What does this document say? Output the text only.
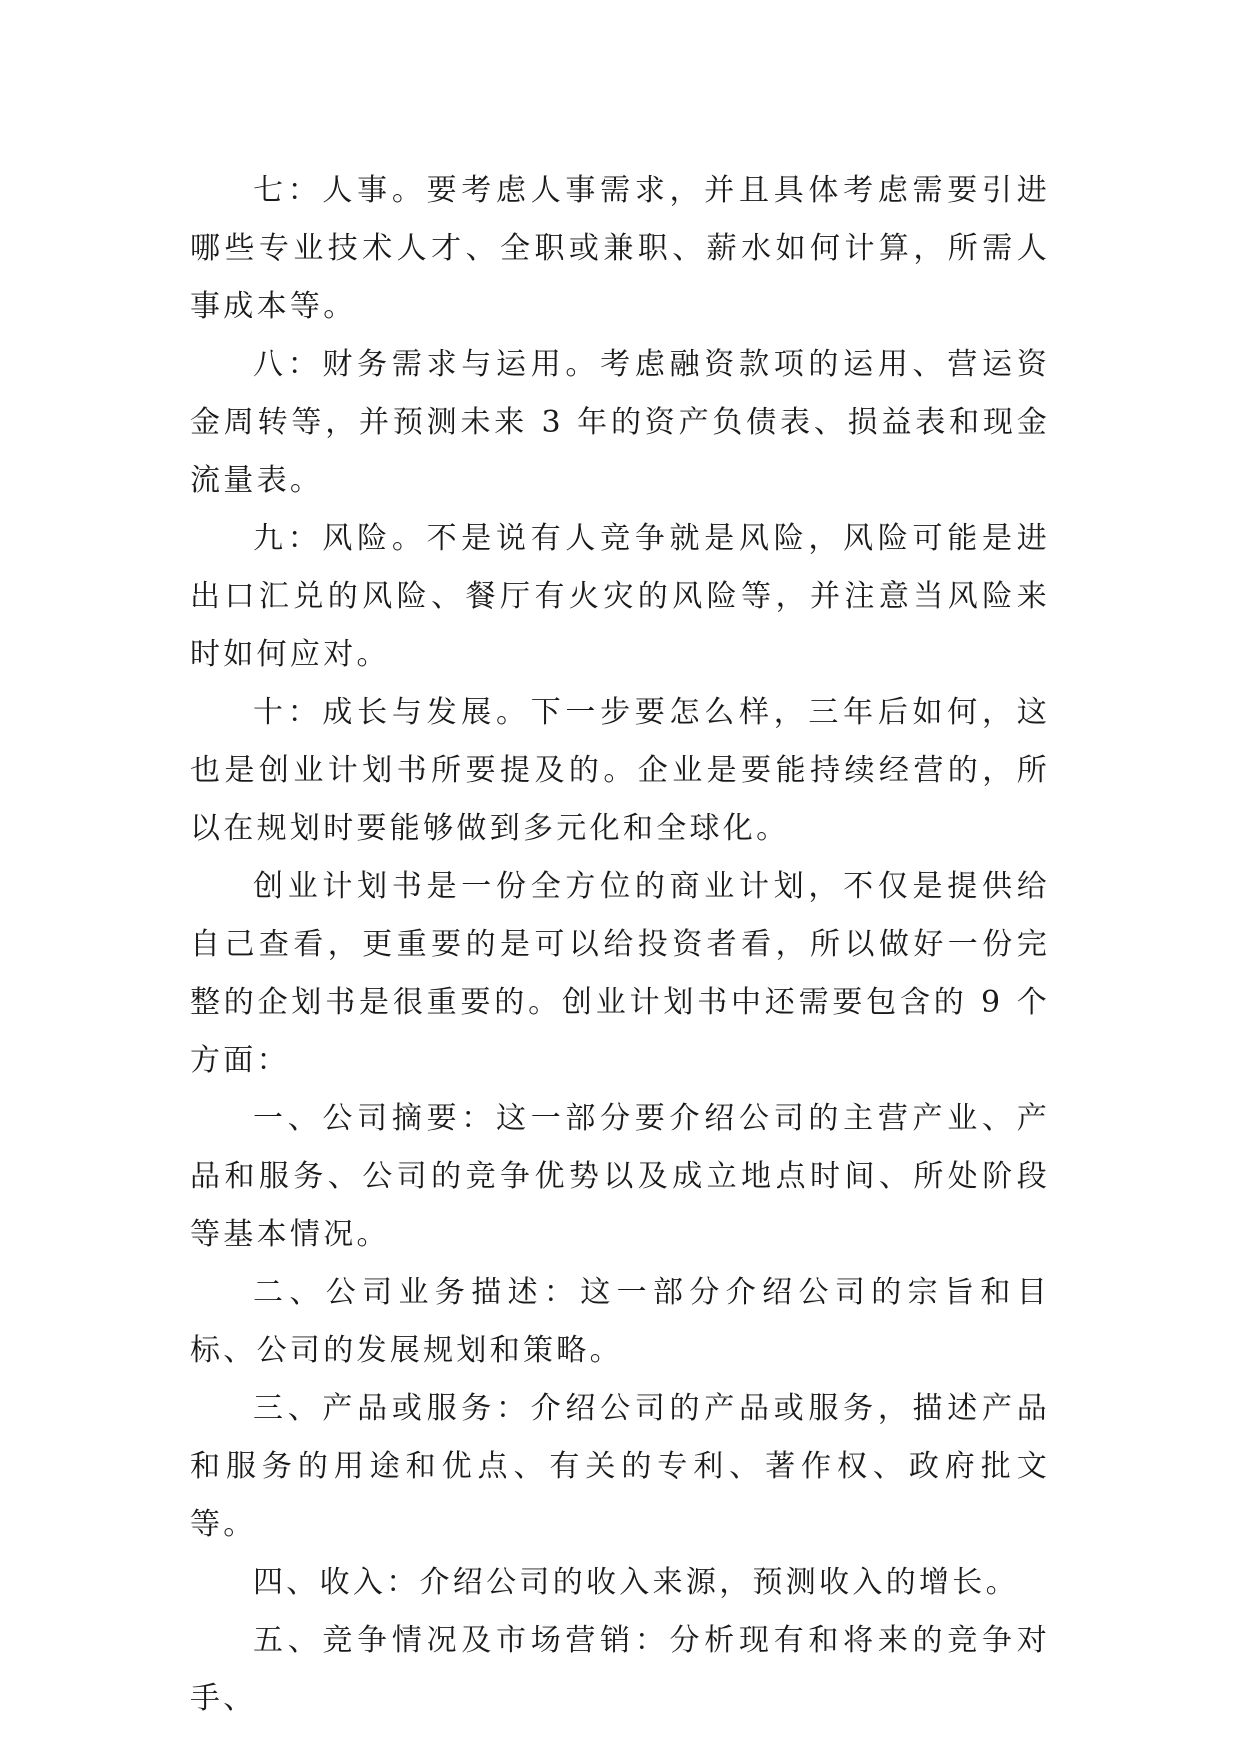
七：人事。要考虑人事需求，并且具体考虑需要引进哪些专业技术人才、全职或兼职、薪水如何计算，所需人事成本等。

八：财务需求与运用。考虑融资款项的运用、营运资金周转等，并预测未来 3 年的资产负债表、损益表和现金流量表。

九：风险。不是说有人竞争就是风险，风险可能是进出口汇兑的风险、餐厅有火灾的风险等，并注意当风险来时如何应对。

十：成长与发展。下一步要怎么样，三年后如何，这也是创业计划书所要提及的。企业是要能持续经营的，所以在规划时要能够做到多元化和全球化。

创业计划书是一份全方位的商业计划，不仅是提供给自己查看，更重要的是可以给投资者看，所以做好一份完整的企划书是很重要的。创业计划书中还需要包含的 9 个方面：

一、公司摘要：这一部分要介绍公司的主营产业、产品和服务、公司的竞争优势以及成立地点时间、所处阶段等基本情况。

二、公司业务描述：这一部分介绍公司的宗旨和目标、公司的发展规划和策略。

三、产品或服务：介绍公司的产品或服务，描述产品和服务的用途和优点、有关的专利、著作权、政府批文等。

四、收入：介绍公司的收入来源，预测收入的增长。

五、竞争情况及市场营销：分析现有和将来的竞争对手、
